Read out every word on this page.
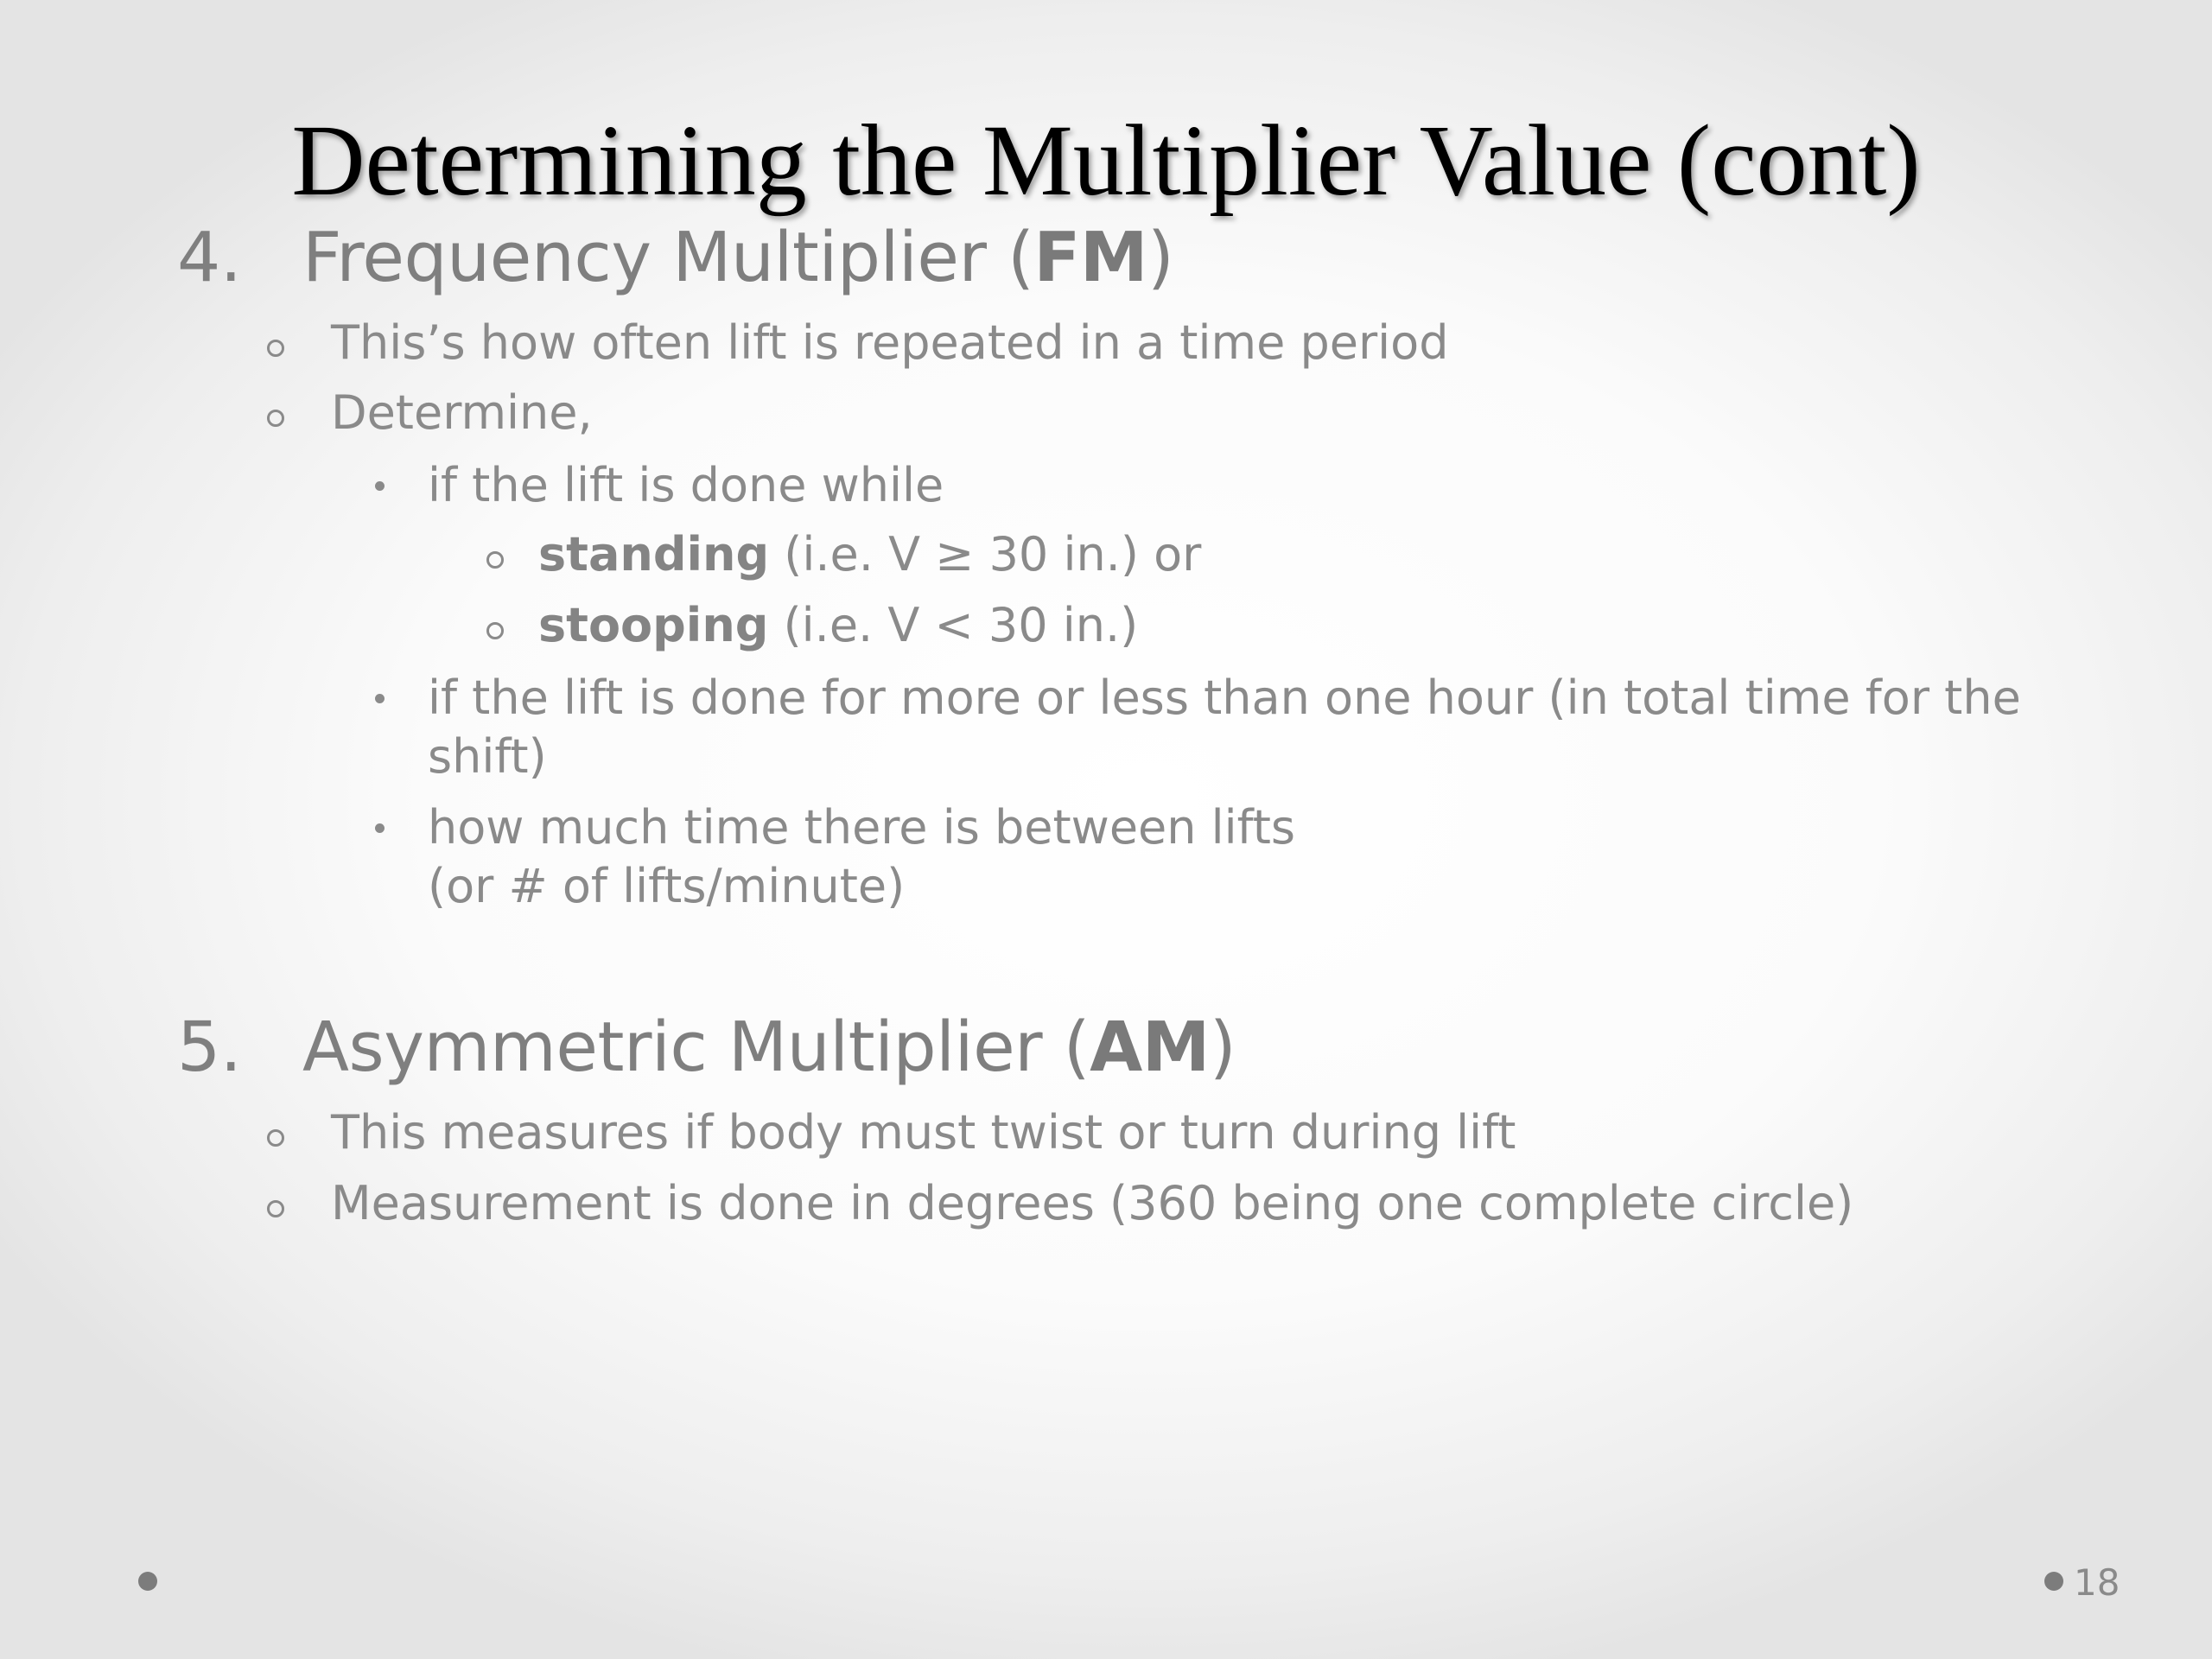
Determining the Multiplier Value (cont)
4. Frequency Multiplier (FM)
This’s how often lift is repeated in a time period
Determine,
if the lift is done while
standing (i.e. V ≥ 30 in.) or
stooping (i.e. V < 30 in.)
if the lift is done for more or less than one hour (in total time for the shift)
how much time there is between lifts
(or # of lifts/minute)
5. Asymmetric Multiplier (AM)
This measures if body must twist or turn during lift
Measurement is done in degrees (360 being one complete circle)
18
